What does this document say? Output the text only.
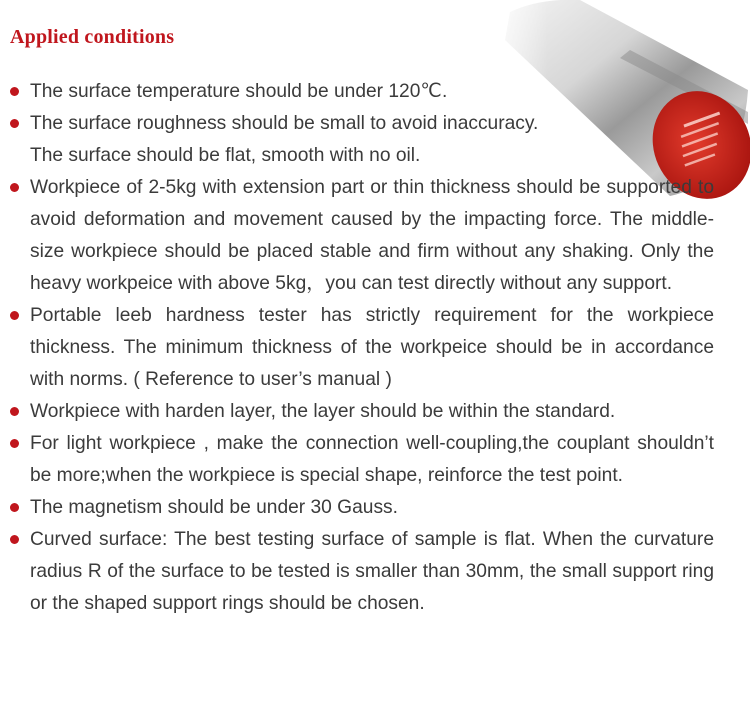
Applied conditions
The surface temperature should be under 120℃.
The surface roughness should be small to avoid inaccuracy.
The surface should be flat, smooth with no oil.
Workpiece of 2-5kg with extension part or thin thickness should be supported to avoid deformation and movement caused by the impacting force. The middle-size workpiece should be placed stable and firm without any shaking. Only the heavy workpeice with above 5kg，you can test directly without any support.
Portable leeb hardness tester has strictly requirement for the workpiece thickness. The minimum thickness of the workpeice should be in accordance with norms. ( Reference to user’s manual )
Workpiece with harden layer, the layer should be within the standard.
For light workpiece , make the connection well-coupling,the couplant shouldn’t be more;when the workpiece is special shape, reinforce the test point.
The magnetism should be under 30 Gauss.
Curved surface: The best testing surface of sample is flat. When the curvature radius R of the surface to be tested is smaller than 30mm, the small support ring or the shaped support rings should be chosen.
